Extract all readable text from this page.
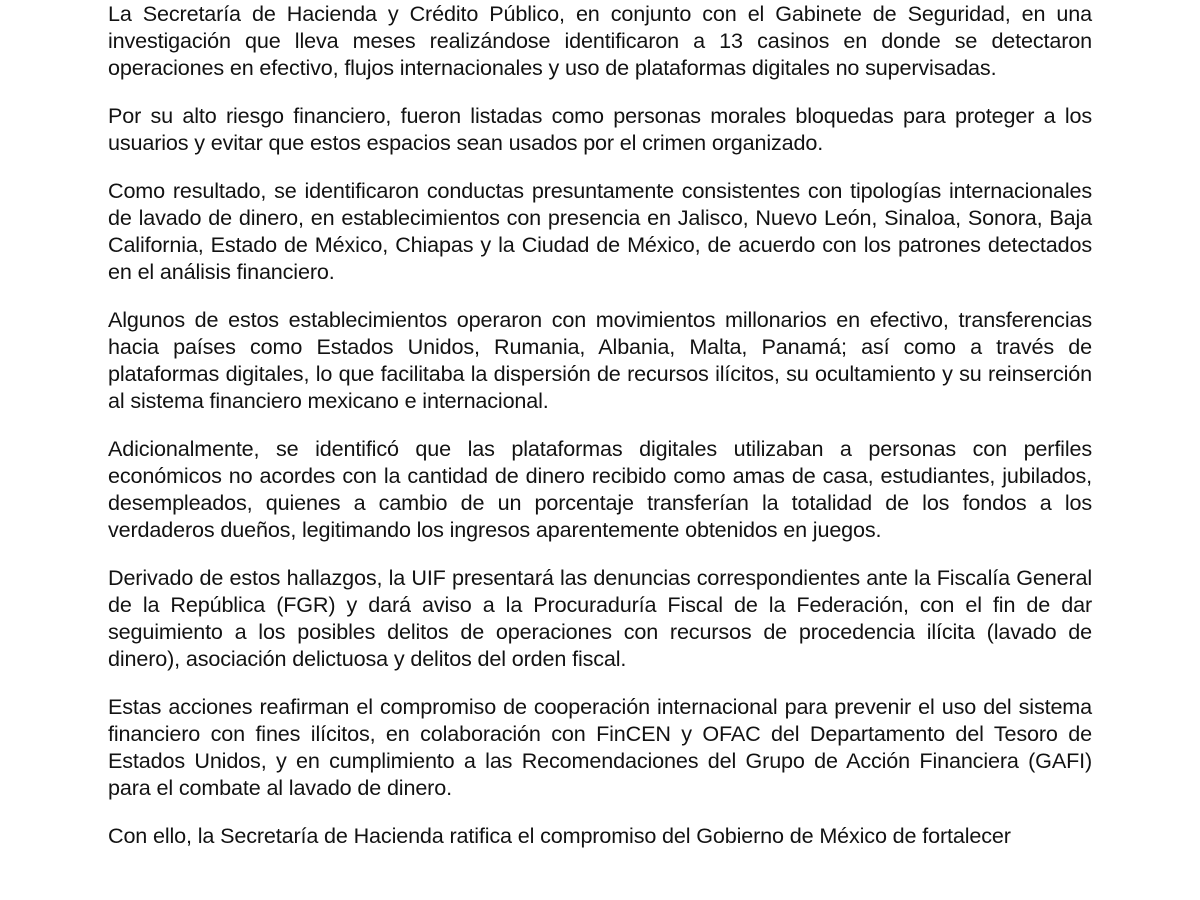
La Secretaría de Hacienda y Crédito Público, en conjunto con el Gabinete de Seguridad, en una investigación que lleva meses realizándose identificaron a 13 casinos en donde se detectaron operaciones en efectivo, flujos internacionales y uso de plataformas digitales no supervisadas.

Por su alto riesgo financiero, fueron listadas como personas morales bloquedas para proteger a los usuarios y evitar que estos espacios sean usados por el crimen organizado.

Como resultado, se identificaron conductas presuntamente consistentes con tipologías internacionales de lavado de dinero, en establecimientos con presencia en Jalisco, Nuevo León, Sinaloa, Sonora, Baja California, Estado de México, Chiapas y la Ciudad de México, de acuerdo con los patrones detectados en el análisis financiero.

Algunos de estos establecimientos operaron con movimientos millonarios en efectivo, transferencias hacia países como Estados Unidos, Rumania, Albania, Malta, Panamá; así como a través de plataformas digitales, lo que facilitaba la dispersión de recursos ilícitos, su ocultamiento y su reinserción al sistema financiero mexicano e internacional.

Adicionalmente, se identificó que las plataformas digitales utilizaban a personas con perfiles económicos no acordes con la cantidad de dinero recibido como amas de casa, estudiantes, jubilados, desempleados, quienes a cambio de un porcentaje transferían la totalidad de los fondos a los verdaderos dueños, legitimando los ingresos aparentemente obtenidos en juegos.

Derivado de estos hallazgos, la UIF presentará las denuncias correspondientes ante la Fiscalía General de la República (FGR) y dará aviso a la Procuraduría Fiscal de la Federación, con el fin de dar seguimiento a los posibles delitos de operaciones con recursos de procedencia ilícita (lavado de dinero), asociación delictuosa y delitos del orden fiscal.

Estas acciones reafirman el compromiso de cooperación internacional para prevenir el uso del sistema financiero con fines ilícitos, en colaboración con FinCEN y OFAC del Departamento del Tesoro de Estados Unidos, y en cumplimiento a las Recomendaciones del Grupo de Acción Financiera (GAFI) para el combate al lavado de dinero.

Con ello, la Secretaría de Hacienda ratifica el compromiso del Gobierno de México de fortalecer
